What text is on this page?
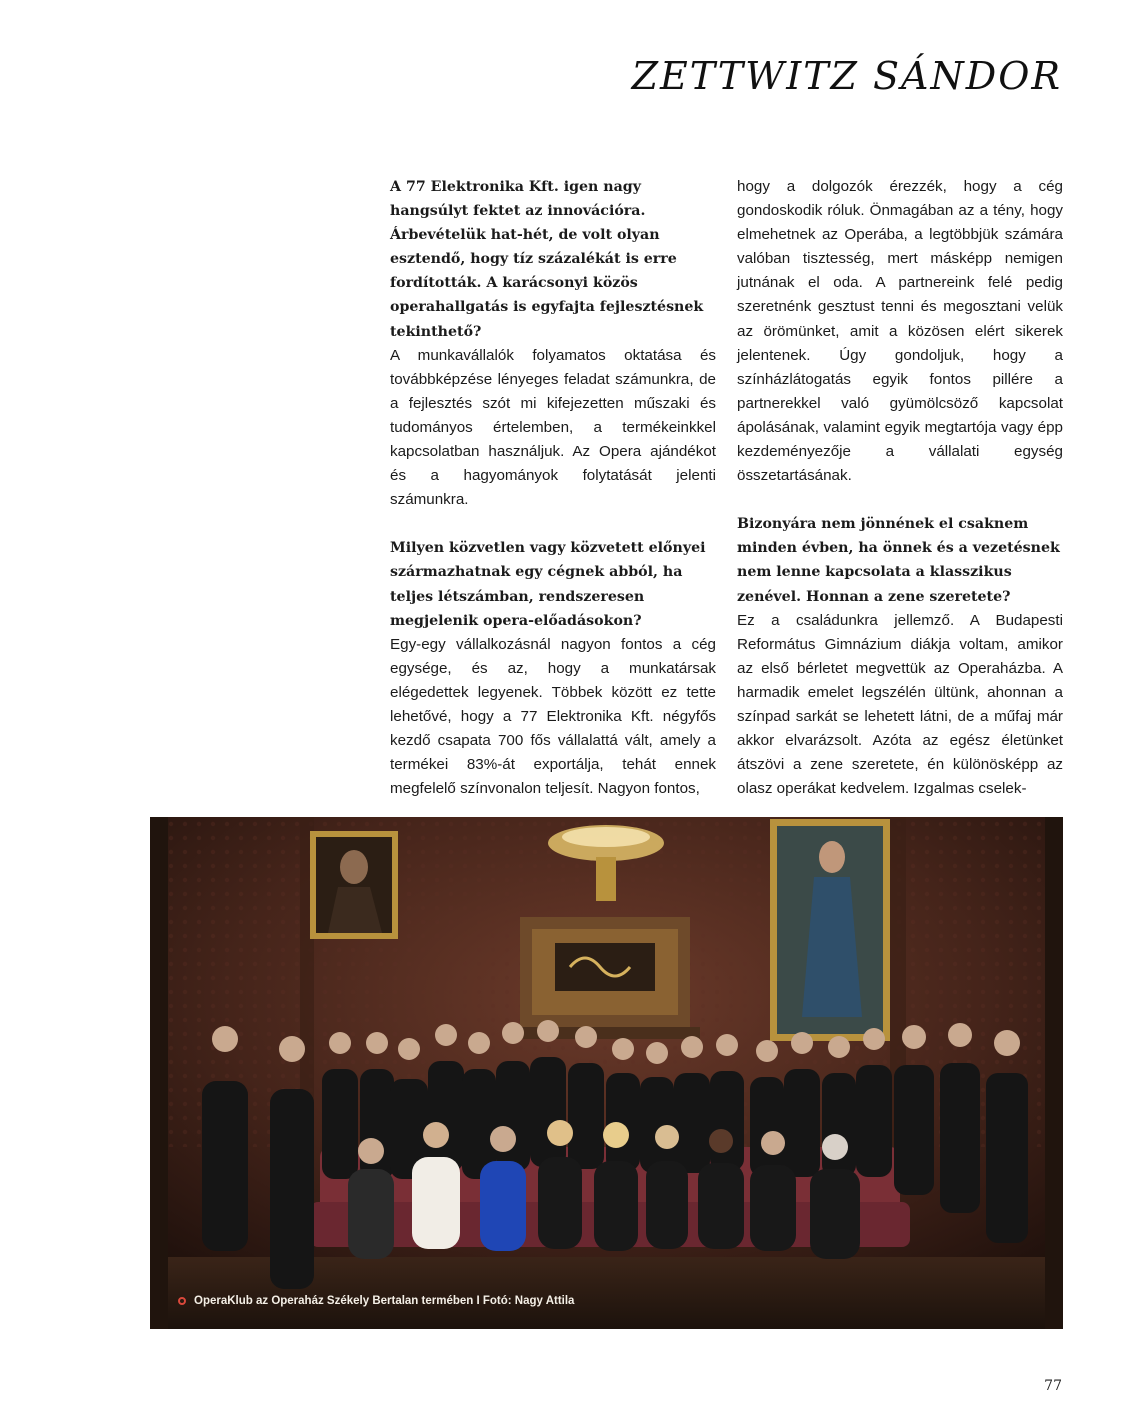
ZETTWITZ SÁNDOR

A 77 Elektronika Kft. igen nagy hangsúlyt fektet az innovációra. Árbevételük hat-hét, de volt olyan esztendő, hogy tíz százalékát is erre fordították. A karácsonyi közös operahallgatás is egyfajta fejlesztésnek tekinthető?

A munkavállalók folyamatos oktatása és továbbképzése lényeges feladat számunkra, de a fejlesztés szót mi kifejezetten műszaki és tudományos értelemben, a termékeinkkel kapcsolatban használjuk. Az Opera ajándékot és a hagyományok folytatását jelenti számunkra.

Milyen közvetlen vagy közvetett előnyei származhatnak egy cégnek abból, ha teljes létszámban, rendszeresen megjelenik opera-előadásokon?

Egy-egy vállalkozásnál nagyon fontos a cég egysége, és az, hogy a munkatársak elégedettek legyenek. Többek között ez tette lehetővé, hogy a 77 Elektronika Kft. négyfős kezdő csapata 700 fős vállalattá vált, amely a termékei 83%-át exportálja, tehát ennek megfelelő színvonalon teljesít. Nagyon fontos,

hogy a dolgozók érezzék, hogy a cég gondoskodik róluk. Önmagában az a tény, hogy elmehetnek az Operába, a legtöbbjük számára valóban tisztesség, mert másképp nemigen jutnának el oda. A partnereink felé pedig szeretnénk gesztust tenni és megosztani velük az örömünket, amit a közösen elért sikerek jelentenek. Úgy gondoljuk, hogy a színházlátogatás egyik fontos pillére a partnerekkel való gyümölcsöző kapcsolat ápolásának, valamint egyik megtartója vagy épp kezdeményezője a vállalati egység összetartásának.

Bizonyára nem jönnének el csaknem minden évben, ha önnek és a vezetésnek nem lenne kapcsolata a klasszikus zenével. Honnan a zene szeretete?

Ez a családunkra jellemző. A Budapesti Református Gimnázium diákja voltam, amikor az első bérletet megvettük az Operaházba. A harmadik emelet legszélén ültünk, ahonnan a színpad sarkát se lehetett látni, de a műfaj már akkor elvarázsolt. Azóta az egész életünket átszövi a zene szeretete, én különösképp az olasz operákat kedvelem. Izgalmas cselek-

OperaKlub az Operaház Székely Bertalan termében I Fotó: Nagy Attila
77
